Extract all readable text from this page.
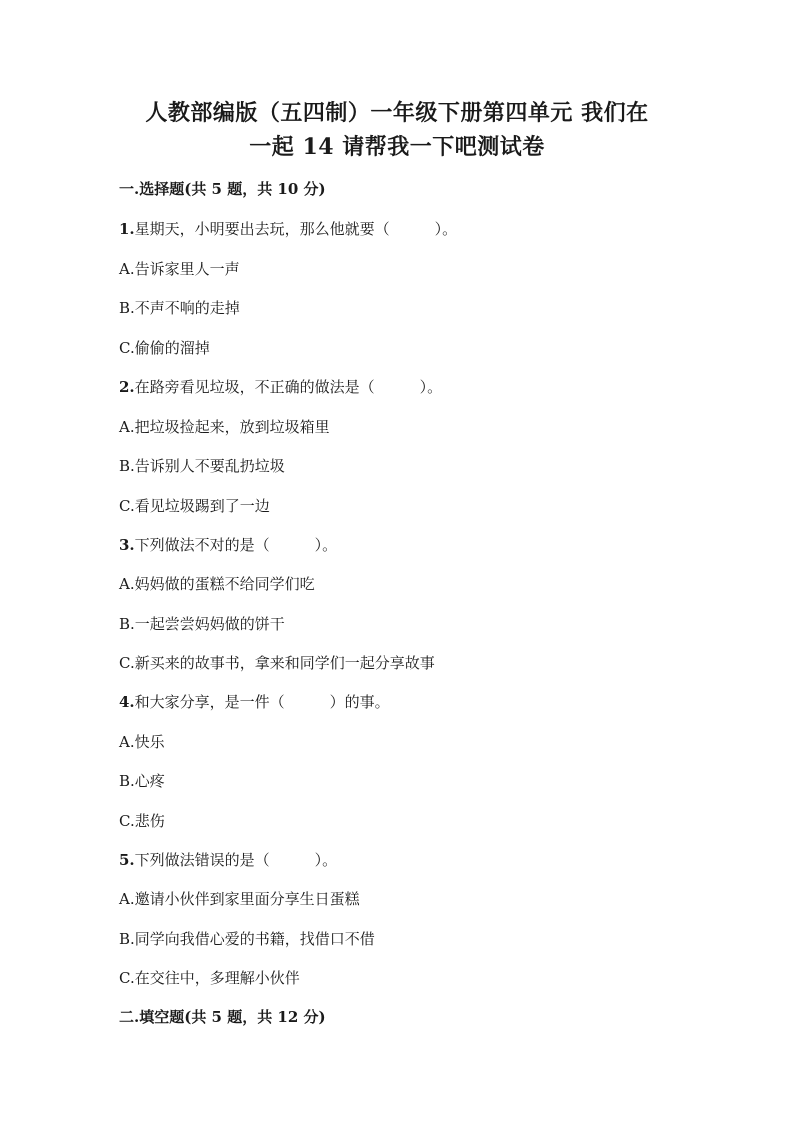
人教部编版（五四制）一年级下册第四单元 我们在
一起 14 请帮我一下吧测试卷
一.选择题(共 5 题，共 10 分)
1.星期天，小明要出去玩，那么他就要（　　　）。
A.告诉家里人一声
B.不声不响的走掉
C.偷偷的溜掉
2.在路旁看见垃圾，不正确的做法是（　　　）。
A.把垃圾捡起来，放到垃圾箱里
B.告诉别人不要乱扔垃圾
C.看见垃圾踢到了一边
3.下列做法不对的是（　　　）。
A.妈妈做的蛋糕不给同学们吃
B.一起尝尝妈妈做的饼干
C.新买来的故事书，拿来和同学们一起分享故事
4.和大家分享，是一件（　　　）的事。
A.快乐
B.心疼
C.悲伤
5.下列做法错误的是（　　　）。
A.邀请小伙伴到家里面分享生日蛋糕
B.同学向我借心爱的书籍，找借口不借
C.在交往中，多理解小伙伴
二.填空题(共 5 题，共 12 分)
